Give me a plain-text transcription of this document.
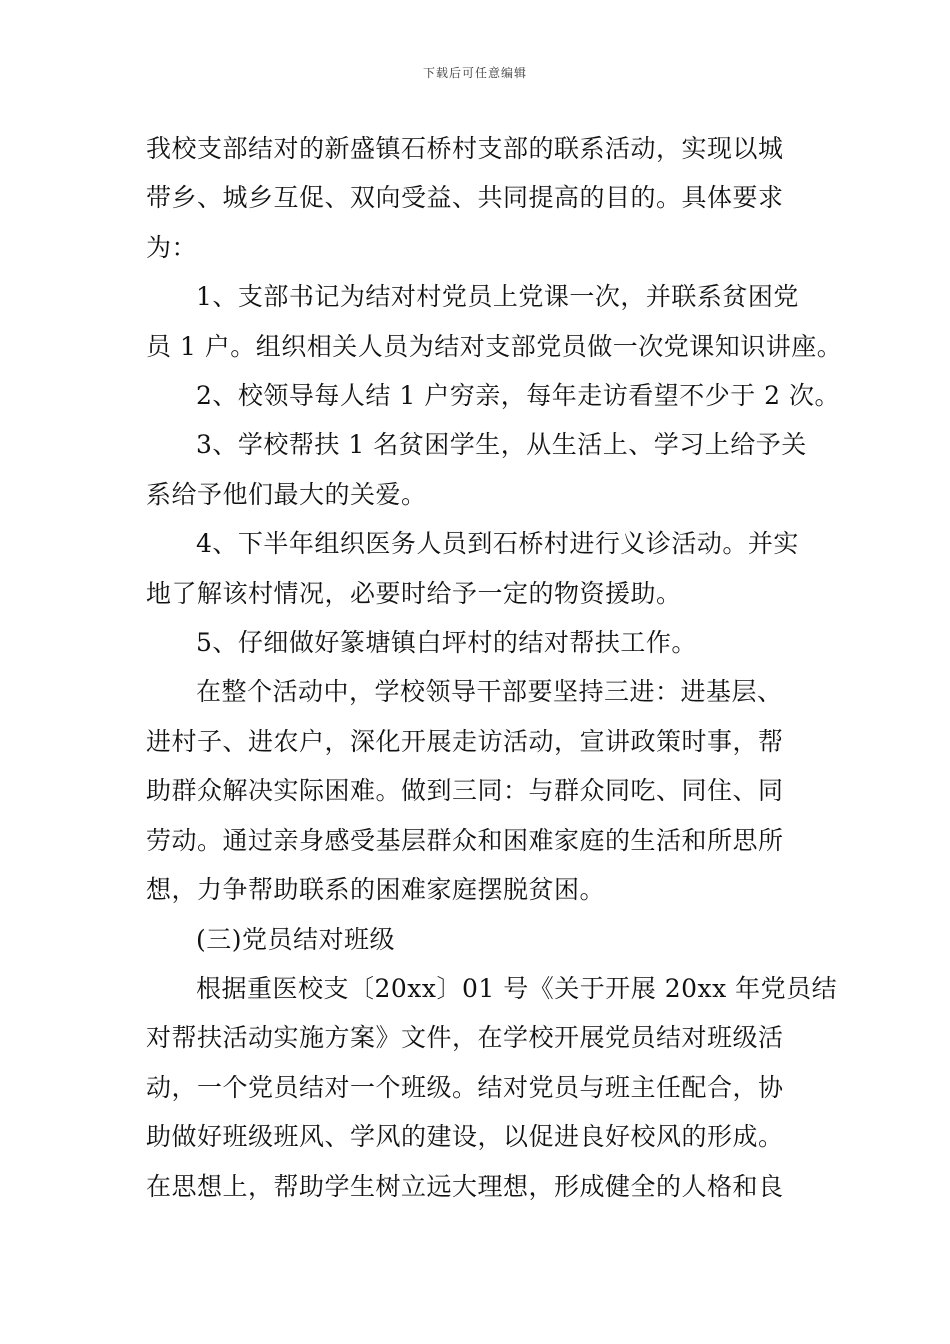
下载后可任意编辑
我校支部结对的新盛镇石桥村支部的联系活动，实现以城
带乡、城乡互促、双向受益、共同提高的目的。具体要求
为：
1、支部书记为结对村党员上党课一次，并联系贫困党
员 1 户。组织相关人员为结对支部党员做一次党课知识讲座。
2、校领导每人结 1 户穷亲，每年走访看望不少于 2 次。
3、学校帮扶 1 名贫困学生，从生活上、学习上给予关
系给予他们最大的关爱。
4、下半年组织医务人员到石桥村进行义诊活动。并实
地了解该村情况，必要时给予一定的物资援助。
5、仔细做好篆塘镇白坪村的结对帮扶工作。
在整个活动中，学校领导干部要坚持三进：进基层、
进村子、进农户，深化开展走访活动，宣讲政策时事，帮
助群众解决实际困难。做到三同：与群众同吃、同住、同
劳动。通过亲身感受基层群众和困难家庭的生活和所思所
想，力争帮助联系的困难家庭摆脱贫困。
(三)党员结对班级
根据重医校支〔20xx〕01 号《关于开展 20xx 年党员结
对帮扶活动实施方案》文件，在学校开展党员结对班级活
动，一个党员结对一个班级。结对党员与班主任配合，协
助做好班级班风、学风的建设，以促进良好校风的形成。
在思想上，帮助学生树立远大理想，形成健全的人格和良
